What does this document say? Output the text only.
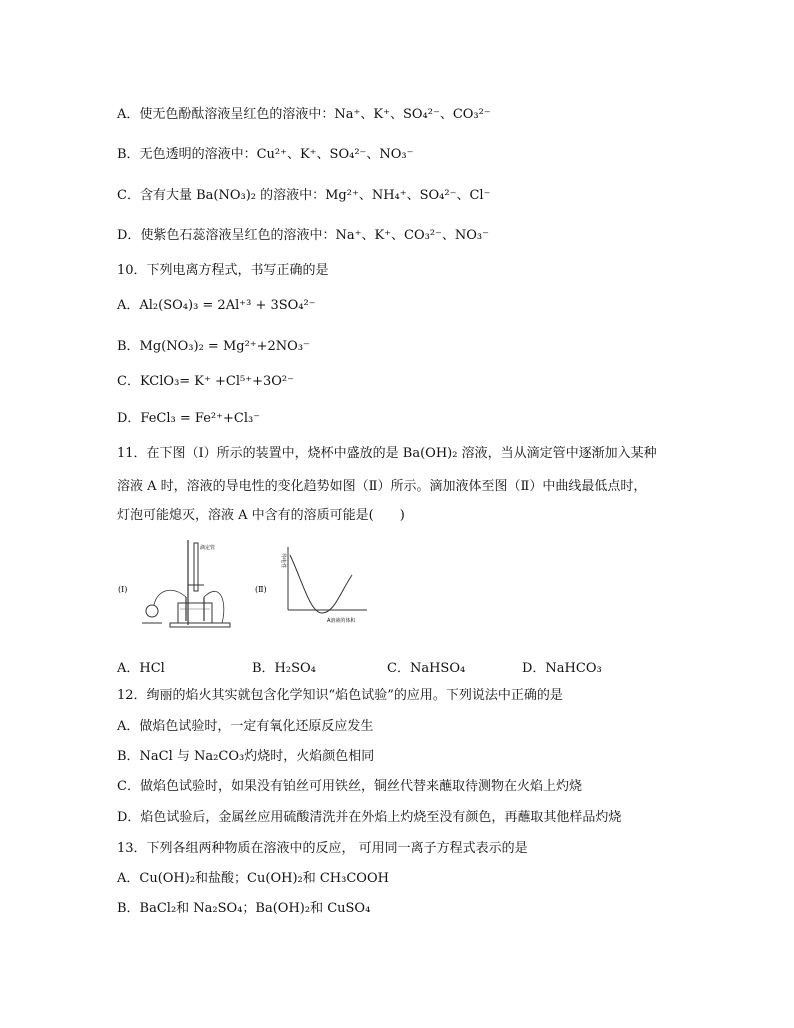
A．使无色酚酞溶液呈红色的溶液中：Na⁺、K⁺、SO₄²⁻、CO₃²⁻
B．无色透明的溶液中：Cu²⁺、K⁺、SO₄²⁻、NO₃⁻
C．含有大量 Ba(NO₃)₂ 的溶液中：Mg²⁺、NH₄⁺、SO₄²⁻、Cl⁻
D．使紫色石蕊溶液呈红色的溶液中：Na⁺、K⁺、CO₃²⁻、NO₃⁻
10．下列电离方程式，书写正确的是
A．Al₂(SO₄)₃ = 2Al⁺³ + 3SO₄²⁻
B．Mg(NO₃)₂ = Mg²⁺+2NO₃⁻
C．KClO₃= K⁺ +Cl⁵⁺+3O²⁻
D．FeCl₃ = Fe²⁺+Cl₃⁻
11．在下图（Ⅰ）所示的装置中，烧杯中盛放的是 Ba(OH)₂ 溶液，当从滴定管中逐渐加入某种
溶液 A 时，溶液的导电性的变化趋势如图（Ⅱ）所示。滴加液体至图（Ⅱ）中曲线最低点时，
灯泡可能熄灭，溶液 A 中含有的溶质可能是(　　)
(Ⅰ)
滴定管
(Ⅱ)
导电性
A溶液的体积
A．HCl	B．H₂SO₄	C．NaHSO₄	D．NaHCO₃
12．绚丽的焰火其实就包含化学知识“焰色试验”的应用。下列说法中正确的是
A．做焰色试验时，一定有氧化还原反应发生
B．NaCl 与 Na₂CO₃灼烧时，火焰颜色相同
C．做焰色试验时，如果没有铂丝可用铁丝，铜丝代替来蘸取待测物在火焰上灼烧
D．焰色试验后，金属丝应用硫酸清洗并在外焰上灼烧至没有颜色，再蘸取其他样品灼烧
13．下列各组两种物质在溶液中的反应， 可用同一离子方程式表示的是
A．Cu(OH)₂和盐酸；Cu(OH)₂和 CH₃COOH
B．BaCl₂和 Na₂SO₄；Ba(OH)₂和 CuSO₄
